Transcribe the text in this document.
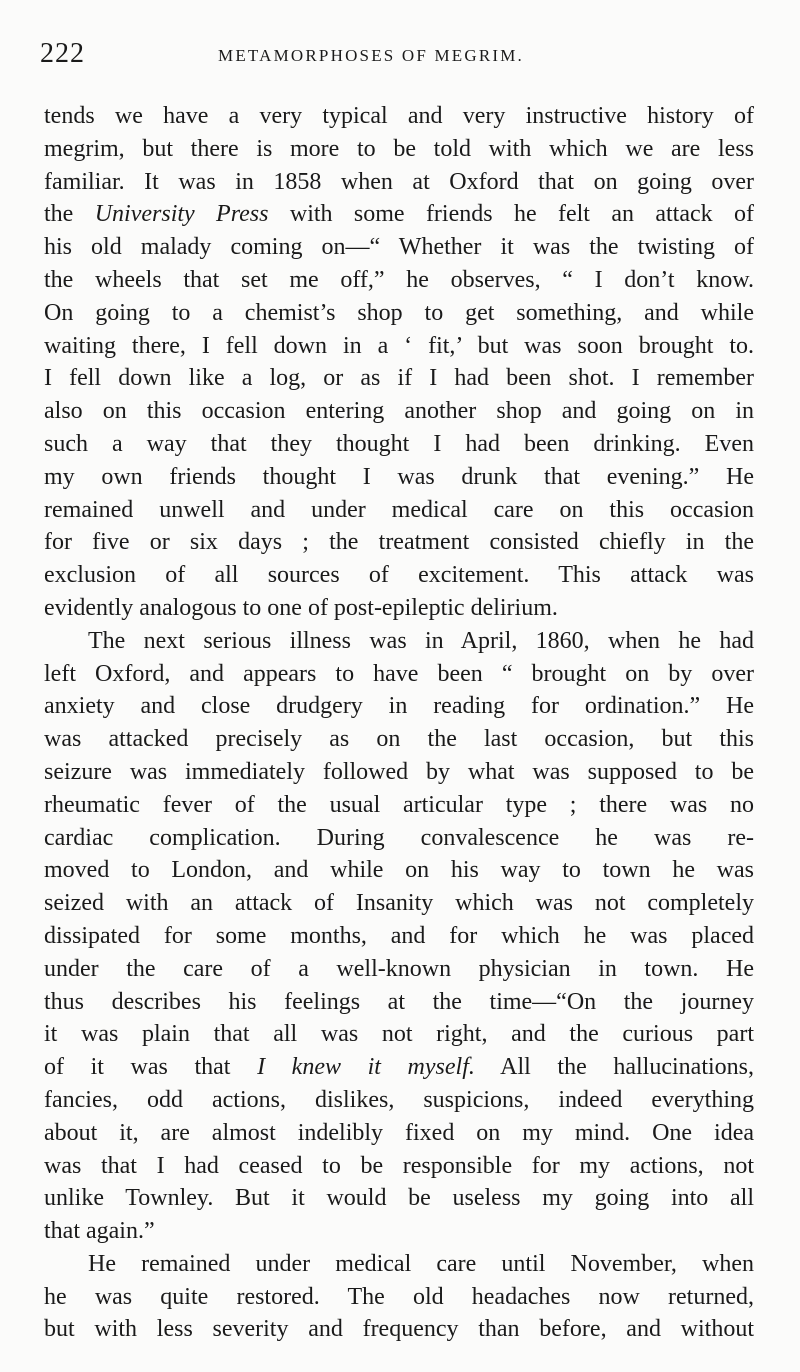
222	METAMORPHOSES OF MEGRIM.
tends we have a very typical and very instructive history of
megrim, but there is more to be told with which we are less
familiar. It was in 1858 when at Oxford that on going over
the University Press with some friends he felt an attack of
his old malady coming on—“ Whether it was the twisting of
the wheels that set me off,” he observes, “ I don’t know.
On going to a chemist’s shop to get something, and while
waiting there, I fell down in a ‘ fit,’ but was soon brought to.
I fell down like a log, or as if I had been shot. I remember
also on this occasion entering another shop and going on in
such a way that they thought I had been drinking. Even
my own friends thought I was drunk that evening.” He
remained unwell and under medical care on this occasion
for five or six days ; the treatment consisted chiefly in the
exclusion of all sources of excitement. This attack was
evidently analogous to one of post-epileptic delirium.
The next serious illness was in April, 1860, when he had
left Oxford, and appears to have been “ brought on by over
anxiety and close drudgery in reading for ordination.” He
was attacked precisely as on the last occasion, but this
seizure was immediately followed by what was supposed to be
rheumatic fever of the usual articular type ; there was no
cardiac complication. During convalescence he was re-
moved to London, and while on his way to town he was
seized with an attack of Insanity which was not completely
dissipated for some months, and for which he was placed
under the care of a well-known physician in town. He
thus describes his feelings at the time—“On the journey
it was plain that all was not right, and the curious part
of it was that I knew it myself. All the hallucinations,
fancies, odd actions, dislikes, suspicions, indeed everything
about it, are almost indelibly fixed on my mind. One idea
was that I had ceased to be responsible for my actions, not
unlike Townley. But it would be useless my going into all
that again.”
He remained under medical care until November, when
he was quite restored. The old headaches now returned,
but with less severity and frequency than before, and without
